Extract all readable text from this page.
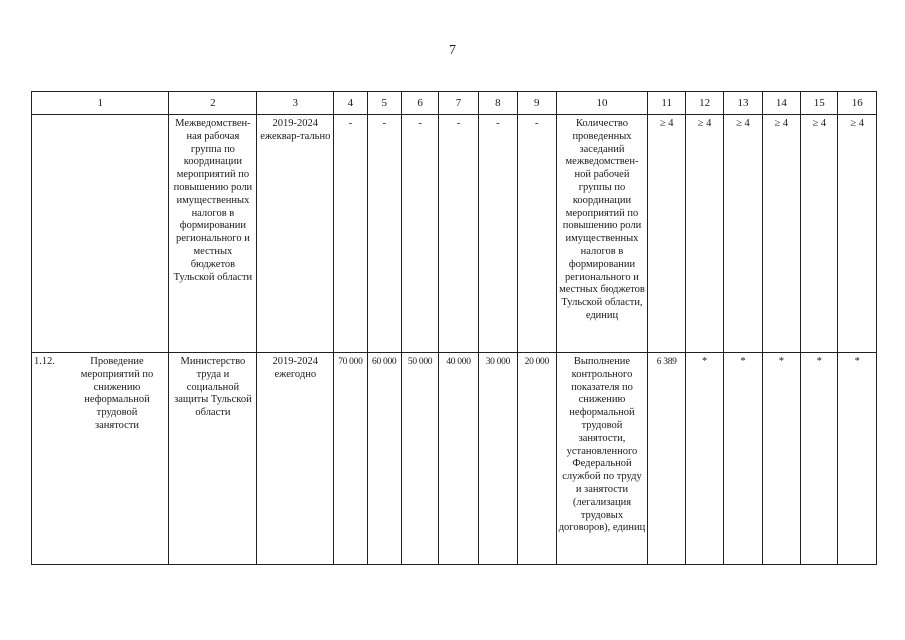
7
1	2	3	4	5	6	7	8	9	10	11	12	13	14	15	16
	Межведомствен-ная рабочая группа по координации мероприятий по повышению роли имущественных налогов в формировании регионального и местных бюджетов Тульской области	2019-2024 ежеквар-тально	-	-	-	-	-	-	Количество проведенных заседаний межведомствен-ной рабочей группы по координации мероприятий по повышению роли имущественных налогов в формировании регионального и местных бюджетов Тульской области, единиц	≥ 4	≥ 4	≥ 4	≥ 4	≥ 4	≥ 4
1.12. Проведение мероприятий по снижению неформальной трудовой занятости	Министерство труда и социальной защиты Тульской области	2019-2024 ежегодно	70 000	60 000	50 000	40 000	30 000	20 000	Выполнение контрольного показателя по снижению неформальной трудовой занятости, установленного Федеральной службой по труду и занятости (легализация трудовых договоров), единиц	6 389	*	*	*	*	*
